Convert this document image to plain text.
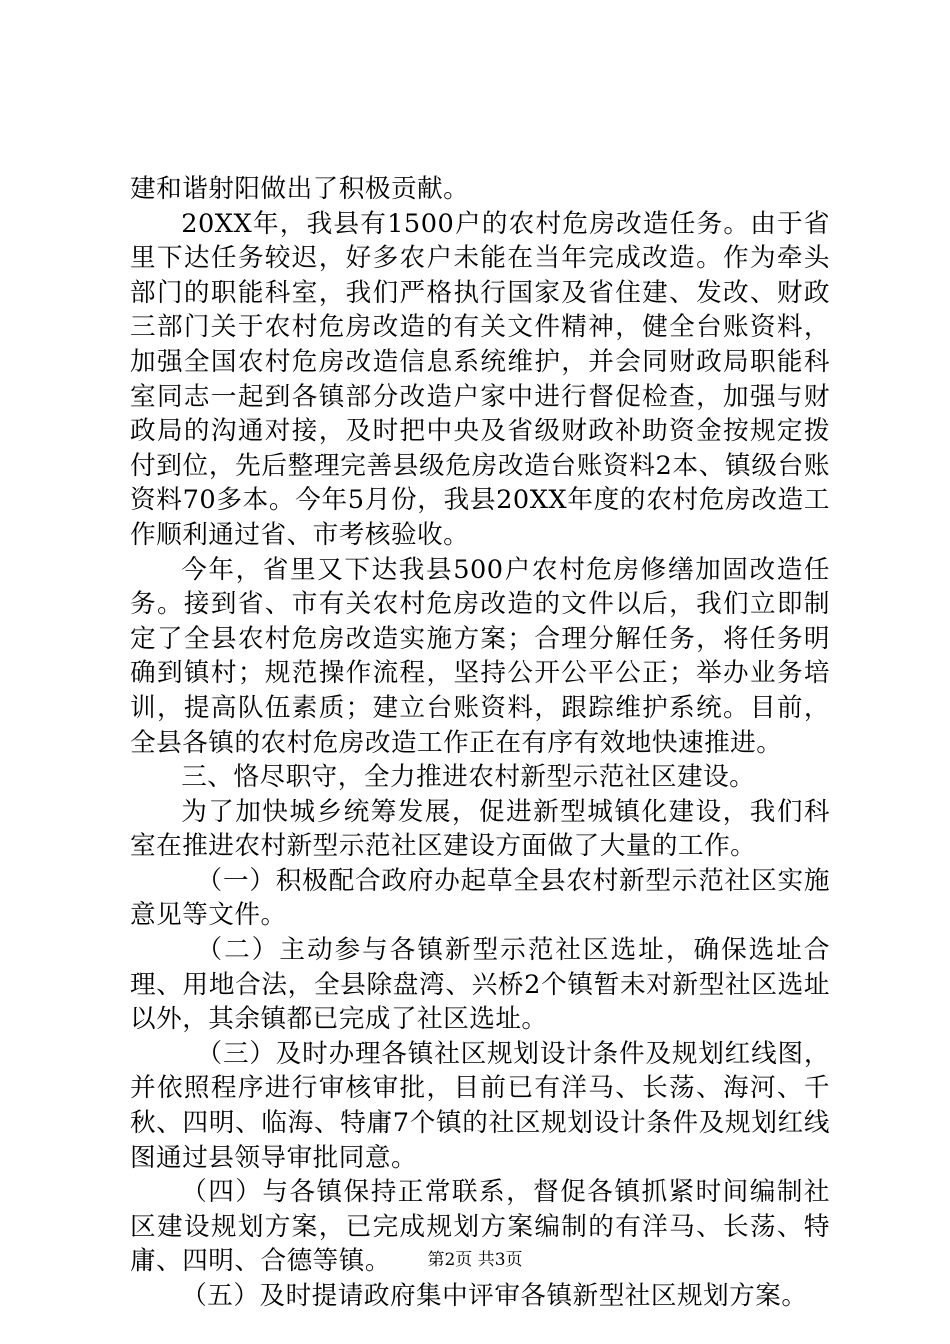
建和谐射阳做出了积极贡献。

20XX年，我县有1500户的农村危房改造任务。由于省里下达任务较迟，好多农户未能在当年完成改造。作为牵头部门的职能科室，我们严格执行国家及省住建、发改、财政三部门关于农村危房改造的有关文件精神，健全台账资料，加强全国农村危房改造信息系统维护，并会同财政局职能科室同志一起到各镇部分改造户家中进行督促检查，加强与财政局的沟通对接，及时把中央及省级财政补助资金按规定拨付到位，先后整理完善县级危房改造台账资料2本、镇级台账资料70多本。今年5月份，我县20XX年度的农村危房改造工作顺利通过省、市考核验收。

今年，省里又下达我县500户农村危房修缮加固改造任务。接到省、市有关农村危房改造的文件以后，我们立即制定了全县农村危房改造实施方案；合理分解任务，将任务明确到镇村；规范操作流程，坚持公开公平公正；举办业务培训，提高队伍素质；建立台账资料，跟踪维护系统。目前，全县各镇的农村危房改造工作正在有序有效地快速推进。

三、恪尽职守，全力推进农村新型示范社区建设。

为了加快城乡统筹发展，促进新型城镇化建设，我们科室在推进农村新型示范社区建设方面做了大量的工作。

（一）积极配合政府办起草全县农村新型示范社区实施意见等文件。

（二）主动参与各镇新型示范社区选址，确保选址合理、用地合法，全县除盘湾、兴桥2个镇暂未对新型社区选址以外，其余镇都已完成了社区选址。

（三）及时办理各镇社区规划设计条件及规划红线图，并依照程序进行审核审批，目前已有洋马、长荡、海河、千秋、四明、临海、特庸7个镇的社区规划设计条件及规划红线图通过县领导审批同意。

（四）与各镇保持正常联系，督促各镇抓紧时间编制社区建设规划方案，已完成规划方案编制的有洋马、长荡、特庸、四明、合德等镇。

（五）及时提请政府集中评审各镇新型社区规划方案。

第2页 共3页
